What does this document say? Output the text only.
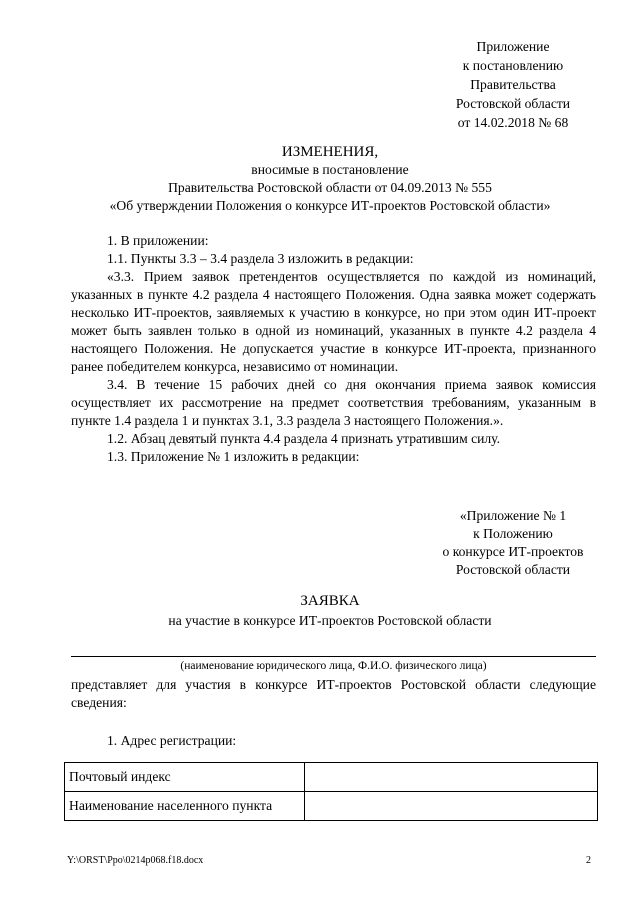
Приложение
к постановлению
Правительства
Ростовской области
от 14.02.2018 № 68
ИЗМЕНЕНИЯ,
вносимые в постановление
Правительства Ростовской области от 04.09.2013 № 555
«Об утверждении Положения о конкурсе ИТ-проектов Ростовской области»
1. В приложении:
1.1. Пункты 3.3 – 3.4 раздела 3 изложить в редакции:
«3.3. Прием заявок претендентов осуществляется по каждой из номинаций, указанных в пункте 4.2 раздела 4 настоящего Положения. Одна заявка может содержать несколько ИТ-проектов, заявляемых к участию в конкурсе, но при этом один ИТ-проект может быть заявлен только в одной из номинаций, указанных в пункте 4.2 раздела 4 настоящего Положения. Не допускается участие в конкурсе ИТ-проекта, признанного ранее победителем конкурса, независимо от номинации.
3.4. В течение 15 рабочих дней со дня окончания приема заявок комиссия осуществляет их рассмотрение на предмет соответствия требованиям, указанным в пункте 1.4 раздела 1 и пунктах 3.1, 3.3 раздела 3 настоящего Положения.».
1.2. Абзац девятый пункта 4.4 раздела 4 признать утратившим силу.
1.3. Приложение № 1 изложить в редакции:
«Приложение № 1
к Положению
о конкурсе ИТ-проектов
Ростовской области
ЗАЯВКА
на участие в конкурсе ИТ-проектов Ростовской области
(наименование юридического лица, Ф.И.О. физического лица)
представляет для участия в конкурсе ИТ-проектов Ростовской области следующие сведения:
1. Адрес регистрации:
Почтовый индекс	
Наименование населенного пункта	
Y:\ORST\Ppo\0214p068.f18.docx	2
